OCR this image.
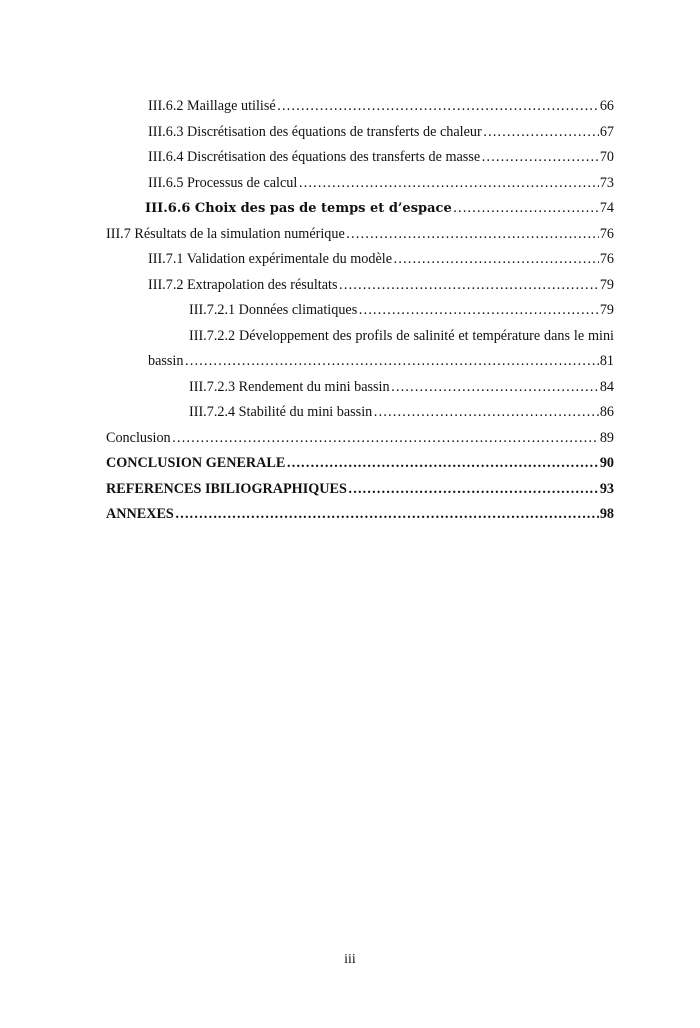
III.6.2 Maillage utilisé ………………………………………………………………………………………………………………………………………………………………	66
III.6.3 Discrétisation des équations de transferts de chaleur ………………………………………………………………………………………………………………………………………………………………	67
III.6.4 Discrétisation des équations des transferts de masse ………………………………………………………………………………………………………………………………………………………………	70
III.6.5 Processus de calcul ………………………………………………………………………………………………………………………………………………………………	73
III.6.6 Choix des pas de temps et d’espace ………………………………………………………………………………………………………………………………………………………………	74
III.7 Résultats de la simulation numérique ………………………………………………………………………………………………………………………………………………………………	76
III.7.1 Validation expérimentale du modèle ………………………………………………………………………………………………………………………………………………………………	76
III.7.2 Extrapolation des résultats ………………………………………………………………………………………………………………………………………………………………	79
III.7.2.1 Données climatiques ………………………………………………………………………………………………………………………………………………………………	79
III.7.2.2 Développement des profils de salinité et température dans le mini
bassin ………………………………………………………………………………………………………………………………………………………………	81
III.7.2.3 Rendement du mini bassin ………………………………………………………………………………………………………………………………………………………………	84
III.7.2.4 Stabilité du mini bassin ………………………………………………………………………………………………………………………………………………………………	86
Conclusion ………………………………………………………………………………………………………………………………………………………………	89
CONCLUSION GENERALE ………………………………………………………………………………………………………………………………………………………………	90
REFERENCES IBILIOGRAPHIQUES ………………………………………………………………………………………………………………………………………………………………	93
ANNEXES ………………………………………………………………………………………………………………………………………………………………	98
iii
